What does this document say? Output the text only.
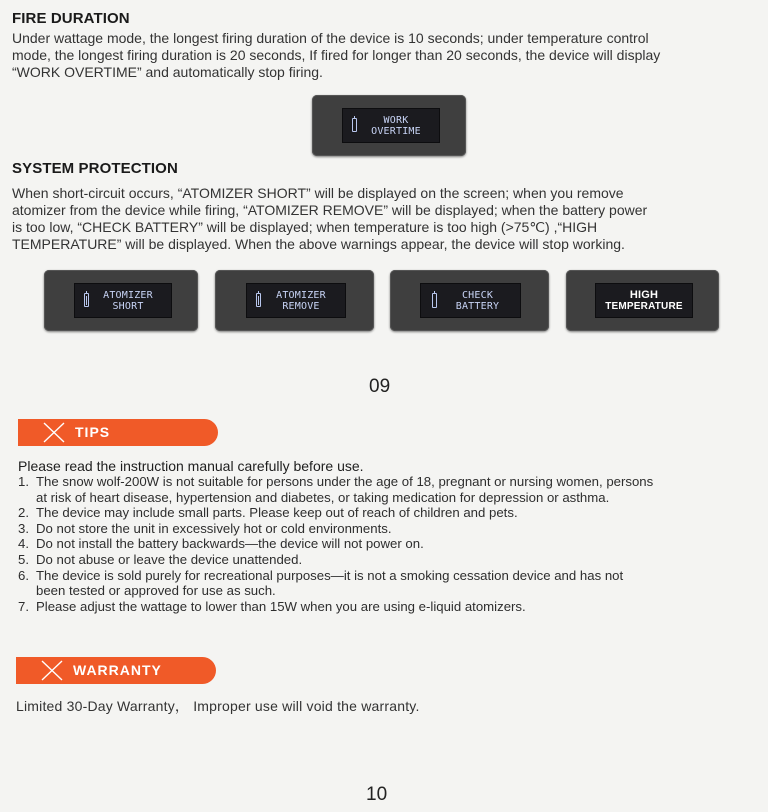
FIRE DURATION
Under wattage mode, the longest firing duration of the device is 10 seconds; under temperature control
mode, the longest firing duration is 20 seconds, If fired for longer than 20 seconds, the device will display
“WORK OVERTIME” and automatically stop firing.
WORK
OVERTIME
SYSTEM PROTECTION
When short-circuit occurs, “ATOMIZER SHORT” will be displayed on the screen; when you remove
atomizer from the device while firing, “ATOMIZER REMOVE” will be displayed; when the battery power
is too low, “CHECK BATTERY” will be displayed; when temperature is too high (>75℃) ,“HIGH
TEMPERATURE” will be displayed. When the above warnings appear, the device will stop working.
ATOMIZER
SHORT
ATOMIZER
REMOVE
CHECK
BATTERY
HIGH
TEMPERATURE
09
TIPS
Please read the instruction manual carefully before use.
1. The snow wolf-200W is not suitable for persons under the age of 18, pregnant or nursing women, persons
at risk of heart disease, hypertension and diabetes, or taking medication for depression or asthma.
2. The device may include small parts. Please keep out of reach of children and pets.
3. Do not store the unit in excessively hot or cold environments.
4. Do not install the battery backwards—the device will not power on.
5. Do not abuse or leave the device unattended.
6. The device is sold purely for recreational purposes—it is not a smoking cessation device and has not
been tested or approved for use as such.
7. Please adjust the wattage to lower than 15W when you are using e-liquid atomizers.
WARRANTY
Limited 30-Day Warranty， Improper use will void the warranty.
10
